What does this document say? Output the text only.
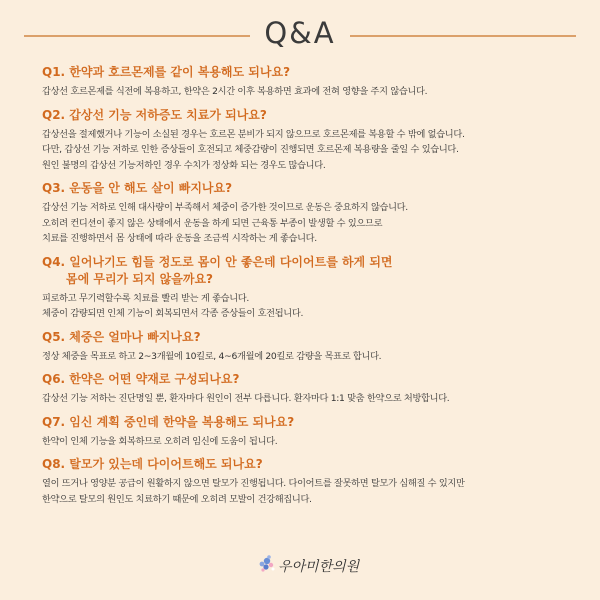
Q&A
Q1. 한약과 호르몬제를 같이 복용해도 되나요?
갑상선 호르몬제를 식전에 복용하고, 한약은 2시간 이후 복용하면 효과에 전혀 영향을 주지 않습니다.
Q2. 갑상선 기능 저하증도 치료가 되나요?
갑상선을 절제했거나 기능이 소실된 경우는 호르몬 분비가 되지 않으므로 호르몬제를 복용할 수 밖에 없습니다.
다만, 갑상선 기능 저하로 인한 증상들이 호전되고 체중감량이 진행되면 호르몬제 복용량을 줄일 수 있습니다.
원인 불명의 갑상선 기능저하인 경우 수치가 정상화 되는 경우도 많습니다.
Q3. 운동을 안 해도 살이 빠지나요?
갑상선 기능 저하로 인해 대사량이 부족해서 체중이 증가한 것이므로 운동은 중요하지 않습니다.
오히려 컨디션이 좋지 않은 상태에서 운동을 하게 되면 근육통 부종이 발생할 수 있으므로
치료를 진행하면서 몸 상태에 따라 운동을 조금씩 시작하는 게 좋습니다.
Q4. 일어나기도 힘들 정도로 몸이 안 좋은데 다이어트를 하게 되면
몸에 무리가 되지 않을까요?
피로하고 무기력할수록 치료를 빨리 받는 게 좋습니다.
체중이 감량되면 인체 기능이 회복되면서 각종 증상들이 호전됩니다.
Q5. 체중은 얼마나 빠지나요?
정상 체중을 목표로 하고 2~3개월에 10킬로, 4~6개월에 20킬로 감량을 목표로 합니다.
Q6. 한약은 어떤 약재로 구성되나요?
갑상선 기능 저하는 진단명일 뿐, 환자마다 원인이 전부 다릅니다. 환자마다 1:1 맞춤 한약으로 처방합니다.
Q7. 임신 계획 중인데 한약을 복용해도 되나요?
한약이 인체 기능을 회복하므로 오히려 임신에 도움이 됩니다.
Q8. 탈모가 있는데 다이어트해도 되나요?
열이 뜨거나 영양분 공급이 원활하지 않으면 탈모가 진행됩니다. 다이어트를 잘못하면 탈모가 심해질 수 있지만
한약으로 탈모의 원인도 치료하기 때문에 오히려 모발이 건강해집니다.
우아미한의원
